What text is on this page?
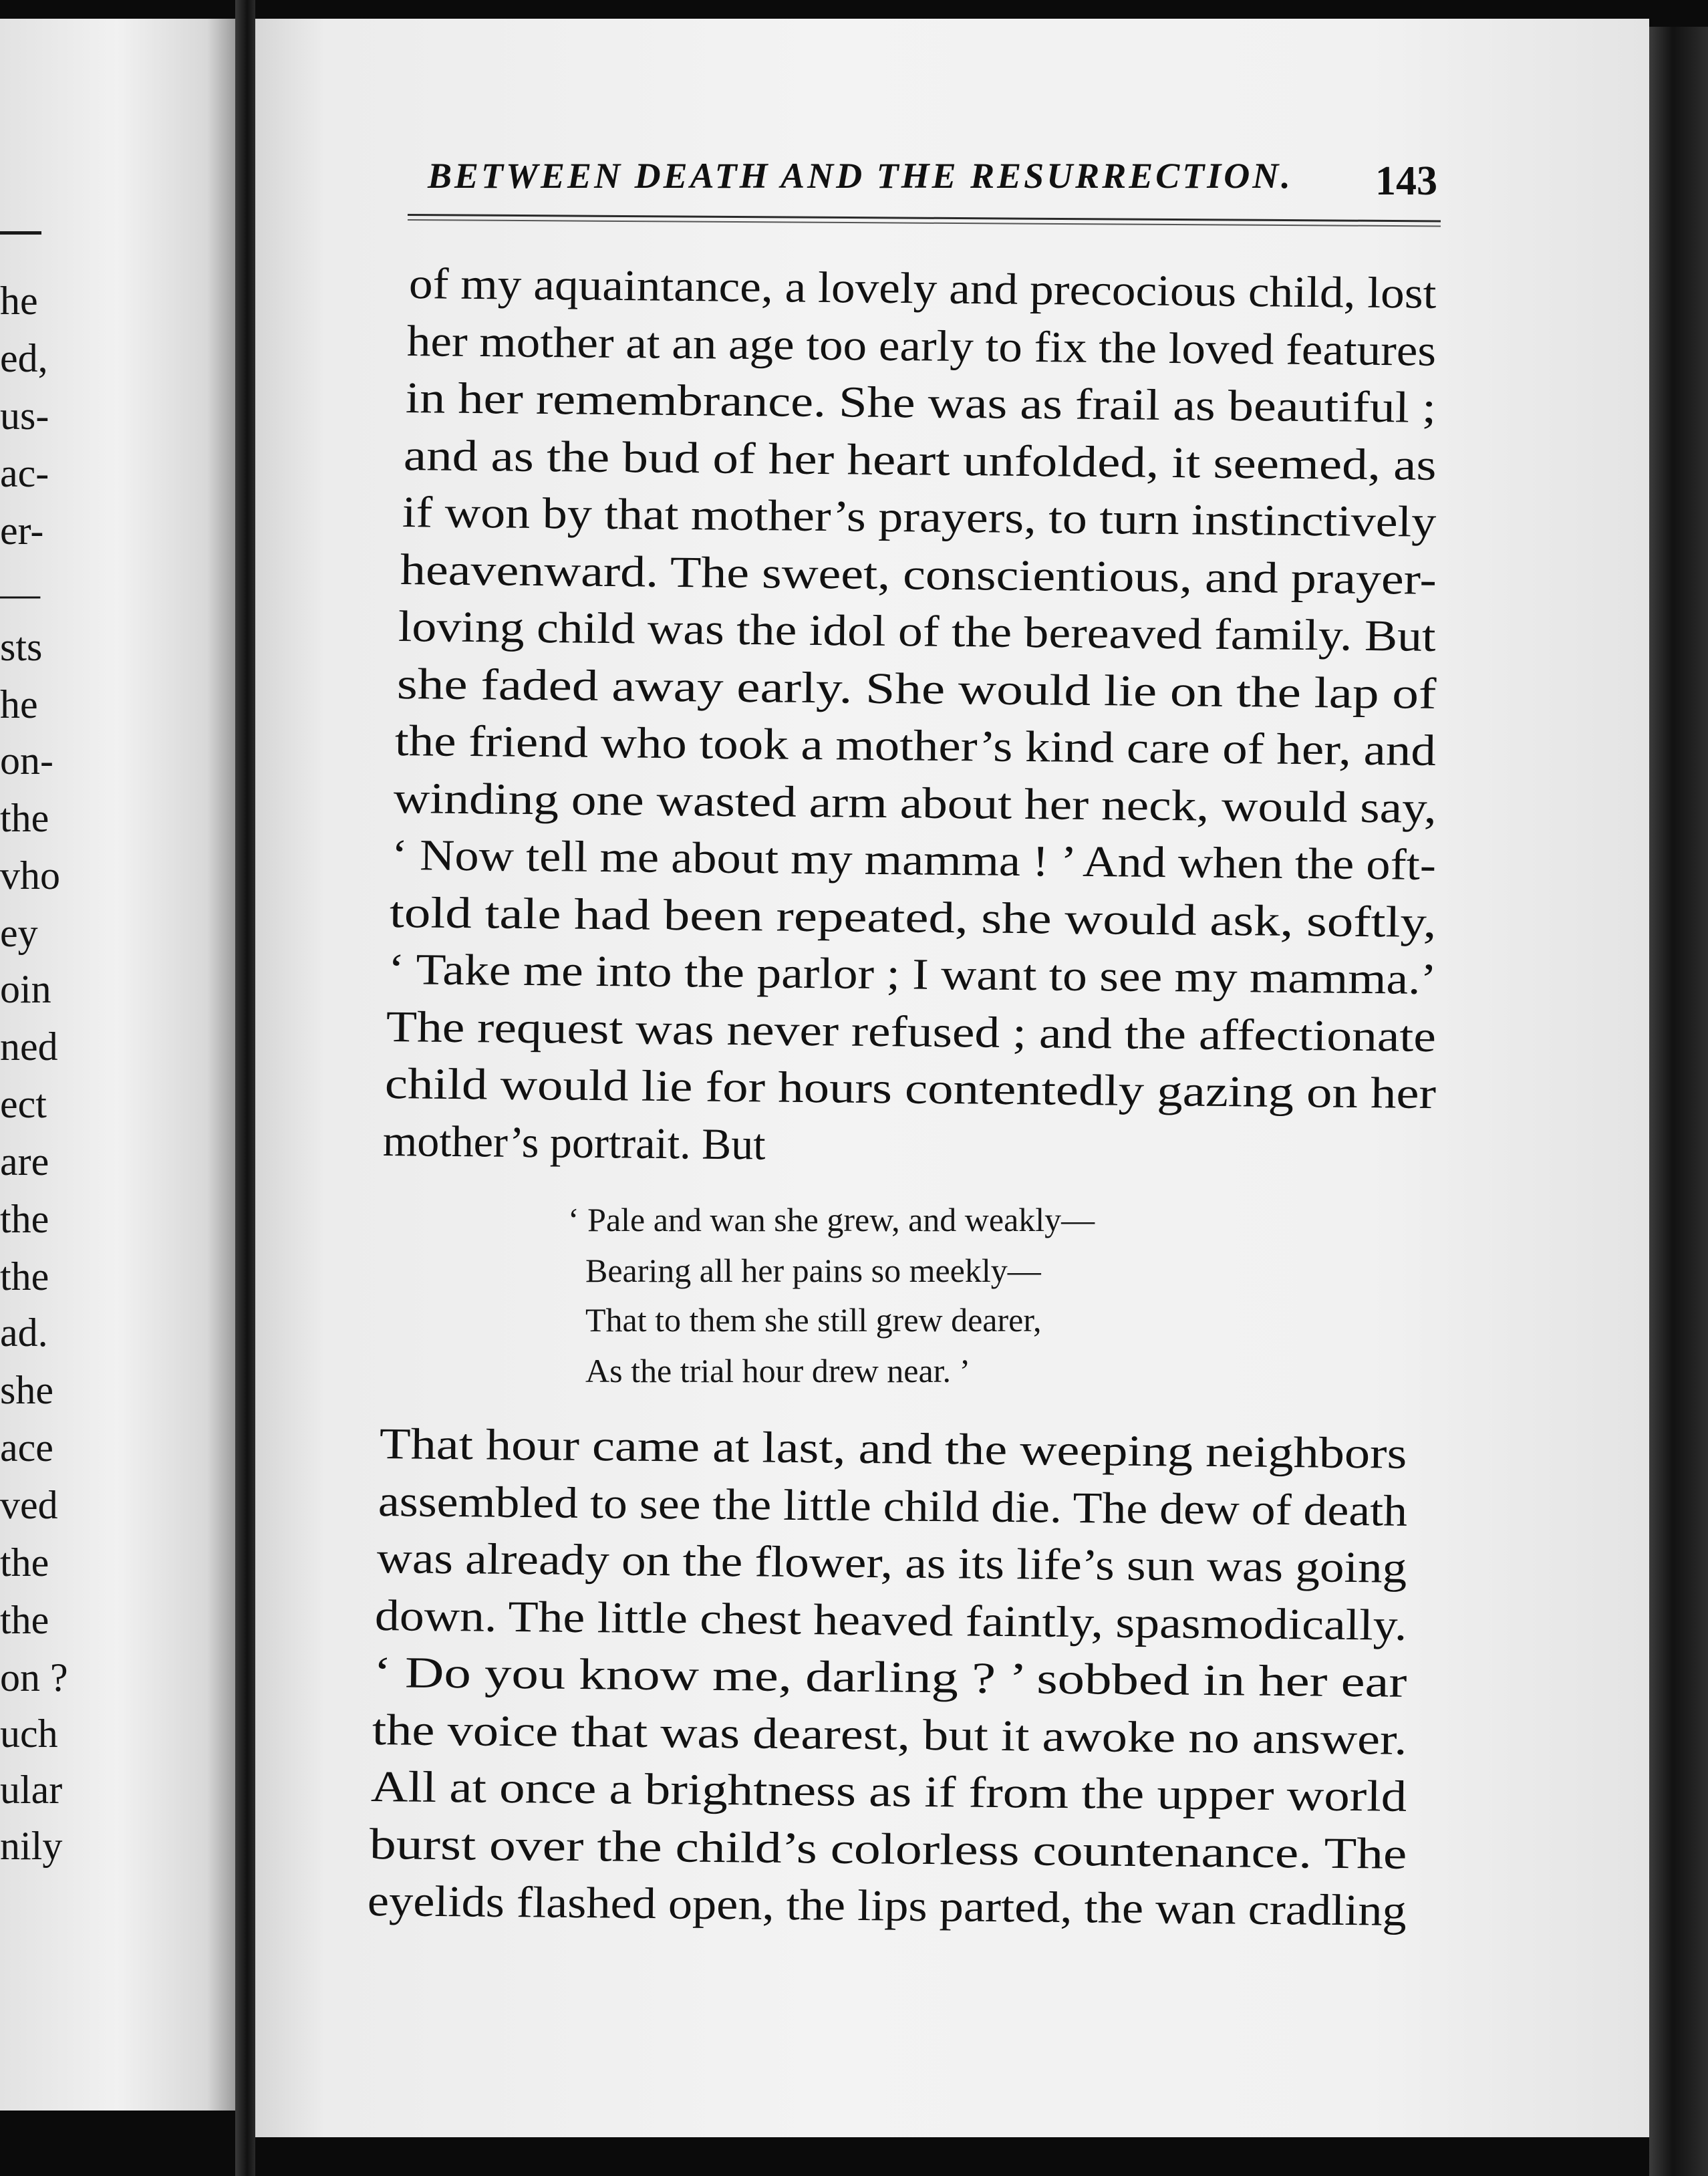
he
ed,
us-
ac-
er-
—
sts
he
on-
the
vho
ey
oin
ned
ect
are
the
the
ad.
she
ace
ved
the
the
on ?
uch
ular
nily
BETWEEN DEATH AND THE RESURRECTION. 143
of my aquaintance, a lovely and precocious child, lost
her mother at an age too early to fix the loved features
in her remembrance. She was as frail as beautiful ;
and as the bud of her heart unfolded, it seemed, as
if won by that mother’s prayers, to turn instinctively
heavenward. The sweet, conscientious, and prayer-
loving child was the idol of the bereaved family. But
she faded away early. She would lie on the lap of
the friend who took a mother’s kind care of her, and
winding one wasted arm about her neck, would say,
‘ Now tell me about my mamma ! ’ And when the oft-
told tale had been repeated, she would ask, softly,
‘ Take me into the parlor ; I want to see my mamma.’
The request was never refused ; and the affectionate
child would lie for hours contentedly gazing on her
mother’s portrait. But
‘ Pale and wan she grew, and weakly—
Bearing all her pains so meekly—
That to them she still grew dearer,
As the trial hour drew near. ’
That hour came at last, and the weeping neighbors
assembled to see the little child die. The dew of death
was already on the flower, as its life’s sun was going
down. The little chest heaved faintly, spasmodically.
‘ Do you know me, darling ? ’ sobbed in her ear
the voice that was dearest, but it awoke no answer.
All at once a brightness as if from the upper world
burst over the child’s colorless countenance. The
eyelids flashed open, the lips parted, the wan cradling
